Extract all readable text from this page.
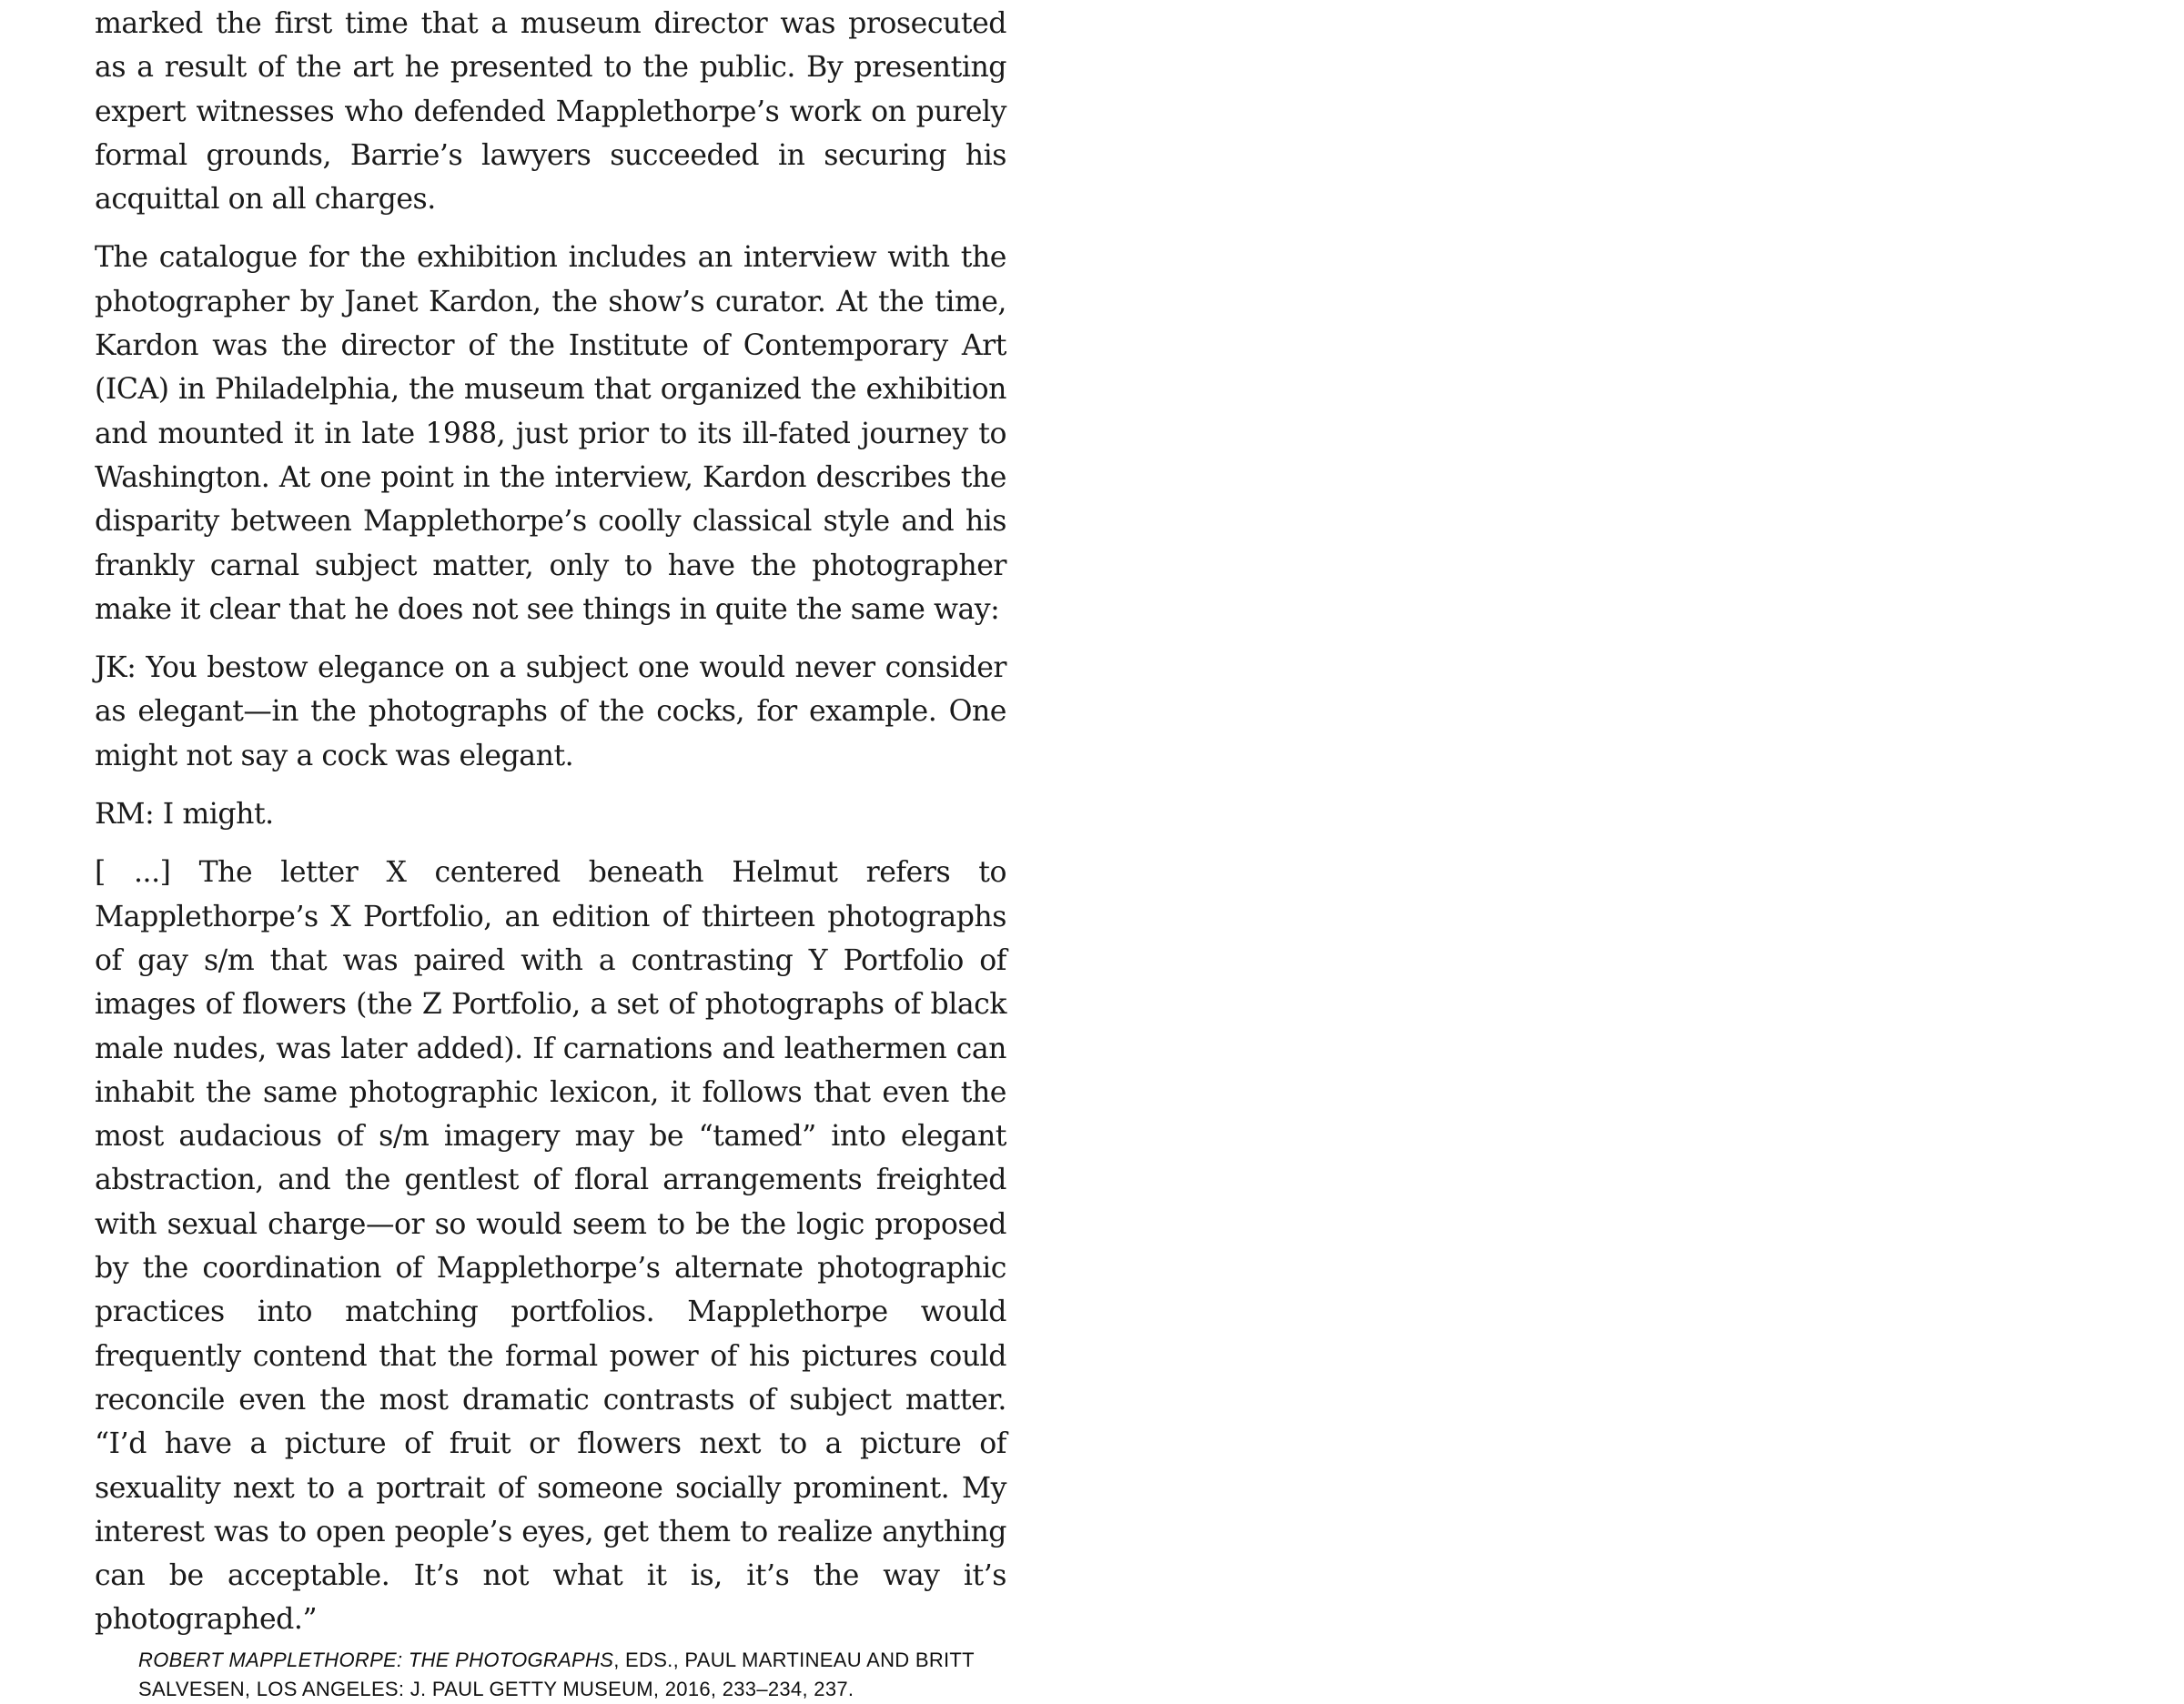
marked the first time that a museum director was prosecuted as a result of the art he presented to the public. By presenting expert witnesses who defended Mapplethorpe’s work on purely formal grounds, Barrie’s lawyers succeeded in securing his acquittal on all charges.

The catalogue for the exhibition includes an interview with the photographer by Janet Kardon, the show’s curator. At the time, Kardon was the director of the Institute of Contemporary Art (ICA) in Philadelphia, the museum that organized the exhibition and mounted it in late 1988, just prior to its ill-fated journey to Washington. At one point in the interview, Kardon describes the disparity between Mapplethorpe’s coolly classical style and his frankly carnal subject matter, only to have the photographer make it clear that he does not see things in quite the same way:

JK: You bestow elegance on a subject one would never consider as elegant—in the photographs of the cocks, for example. One might not say a cock was elegant.

RM: I might.

[ ...] The letter X centered beneath Helmut refers to Mapplethorpe’s X Portfolio, an edition of thirteen photographs of gay s/m that was paired with a contrasting Y Portfolio of images of flowers (the Z Portfolio, a set of photographs of black male nudes, was later added). If carnations and leathermen can inhabit the same photographic lexicon, it follows that even the most audacious of s/m imagery may be “tamed” into elegant abstraction, and the gentlest of floral arrangements freighted with sexual charge—or so would seem to be the logic proposed by the coordination of Mapplethorpe’s alternate photographic practices into matching portfolios. Mapplethorpe would frequently contend that the formal power of his pictures could reconcile even the most dramatic contrasts of subject matter. “I’d have a picture of fruit or flowers next to a picture of sexuality next to a portrait of someone socially prominent. My interest was to open people’s eyes, get them to realize anything can be acceptable. It’s not what it is, it’s the way it’s photographed.”

ROBERT MAPPLETHORPE: THE PHOTOGRAPHS, EDS., PAUL MARTINEAU AND BRITT SALVESEN, LOS ANGELES: J. PAUL GETTY MUSEUM, 2016, 233–234, 237.
